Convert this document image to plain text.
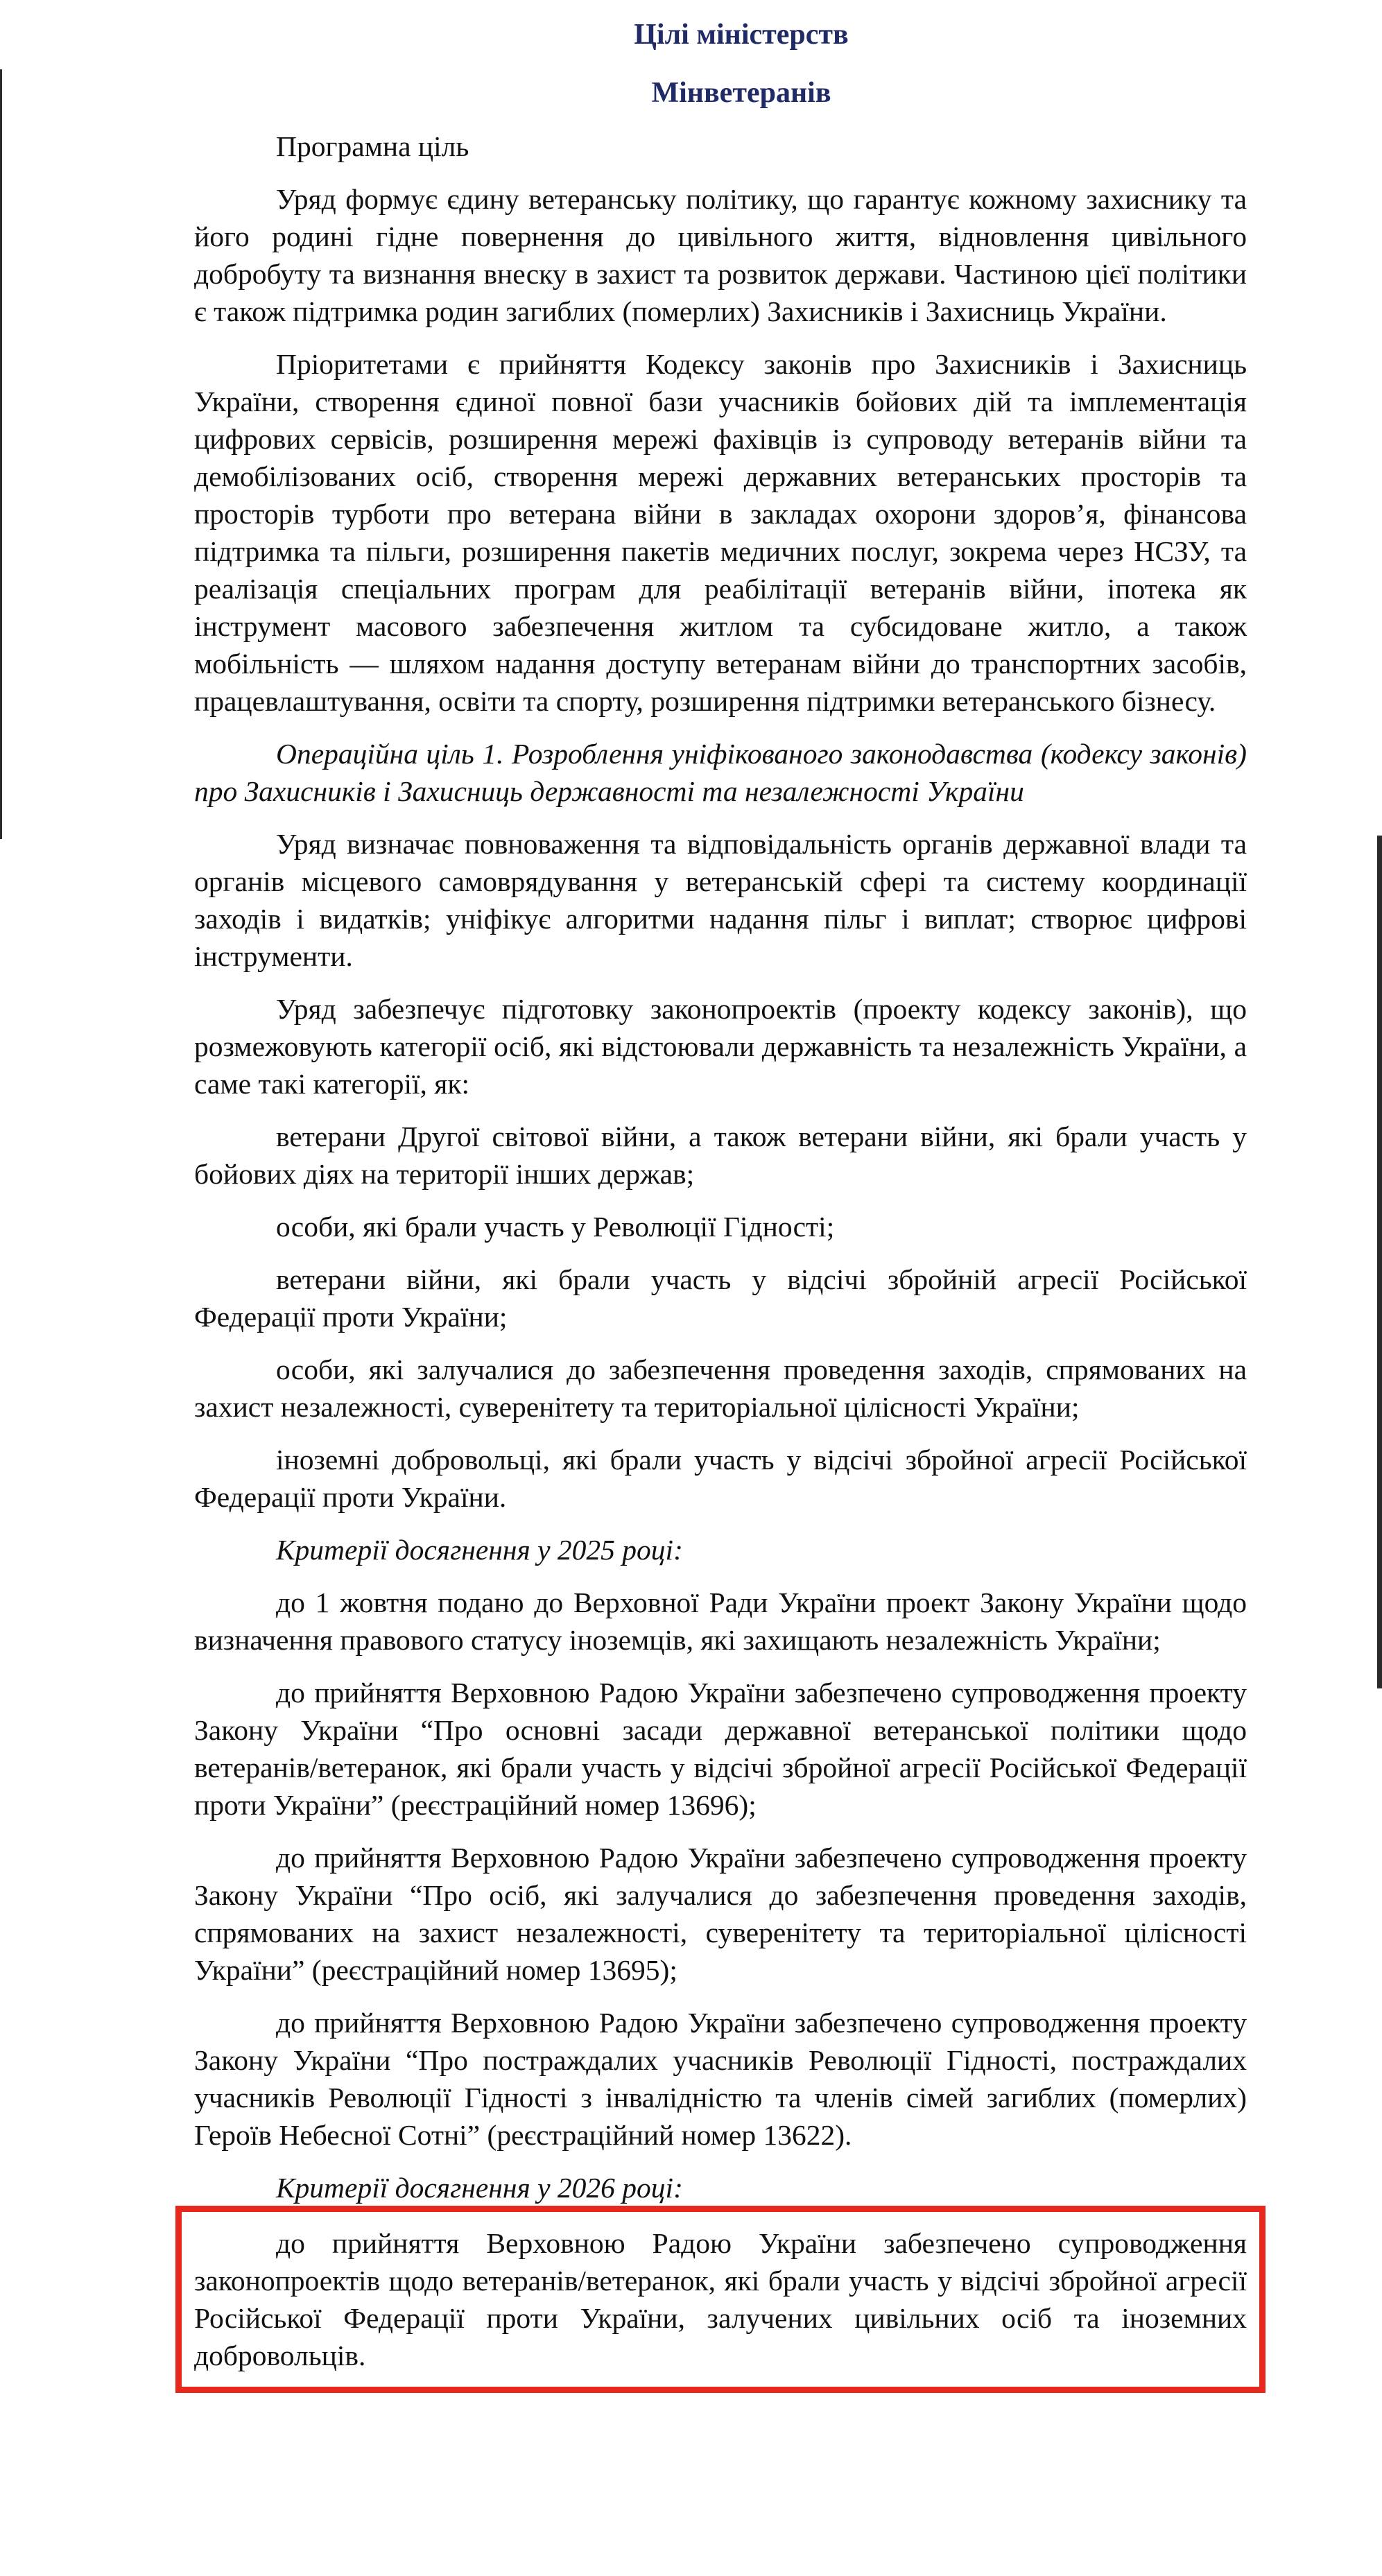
Цілі міністерств
Мінветеранів

Програмна ціль

Уряд формує єдину ветеранську політику, що гарантує кожному захиснику та його родині гідне повернення до цивільного життя, відновлення цивільного добробуту та визнання внеску в захист та розвиток держави. Частиною цієї політики є також підтримка родин загиблих (померлих) Захисників і Захисниць України.

Пріоритетами є прийняття Кодексу законів про Захисників і Захисниць України, створення єдиної повної бази учасників бойових дій та імплементація цифрових сервісів, розширення мережі фахівців із супроводу ветеранів війни та демобілізованих осіб, створення мережі державних ветеранських просторів та просторів турботи про ветерана війни в закладах охорони здоров’я, фінансова підтримка та пільги, розширення пакетів медичних послуг, зокрема через НСЗУ, та реалізація спеціальних програм для реабілітації ветеранів війни, іпотека як інструмент масового забезпечення житлом та субсидоване житло, а також мобільність — шляхом надання доступу ветеранам війни до транспортних засобів, працевлаштування, освіти та спорту, розширення підтримки ветеранського бізнесу.

Операційна ціль 1. Розроблення уніфікованого законодавства (кодексу законів) про Захисників і Захисниць державності та незалежності України

Уряд визначає повноваження та відповідальність органів державної влади та органів місцевого самоврядування у ветеранській сфері та систему координації заходів і видатків; уніфікує алгоритми надання пільг і виплат; створює цифрові інструменти.

Уряд забезпечує підготовку законопроектів (проекту кодексу законів), що розмежовують категорії осіб, які відстоювали державність та незалежність України, а саме такі категорії, як:

ветерани Другої світової війни, а також ветерани війни, які брали участь у бойових діях на території інших держав;

особи, які брали участь у Революції Гідності;

ветерани війни, які брали участь у відсічі збройній агресії Російської Федерації проти України;

особи, які залучалися до забезпечення проведення заходів, спрямованих на захист незалежності, суверенітету та територіальної цілісності України;

іноземні добровольці, які брали участь у відсічі збройної агресії Російської Федерації проти України.

Критерії досягнення у 2025 році:

до 1 жовтня подано до Верховної Ради України проект Закону України щодо визначення правового статусу іноземців, які захищають незалежність України;

до прийняття Верховною Радою України забезпечено супроводження проекту Закону України “Про основні засади державної ветеранської політики щодо ветеранів/ветеранок, які брали участь у відсічі збройної агресії Російської Федерації проти України” (реєстраційний номер 13696);

до прийняття Верховною Радою України забезпечено супроводження проекту Закону України “Про осіб, які залучалися до забезпечення проведення заходів, спрямованих на захист незалежності, суверенітету та територіальної цілісності України” (реєстраційний номер 13695);

до прийняття Верховною Радою України забезпечено супроводження проекту Закону України “Про постраждалих учасників Революції Гідності, постраждалих учасників Революції Гідності з інвалідністю та членів сімей загиблих (померлих) Героїв Небесної Сотні” (реєстраційний номер 13622).

Критерії досягнення у 2026 році:

до прийняття Верховною Радою України забезпечено супроводження законопроектів щодо ветеранів/ветеранок, які брали участь у відсічі збройної агресії Російської Федерації проти України, залучених цивільних осіб та іноземних добровольців.
